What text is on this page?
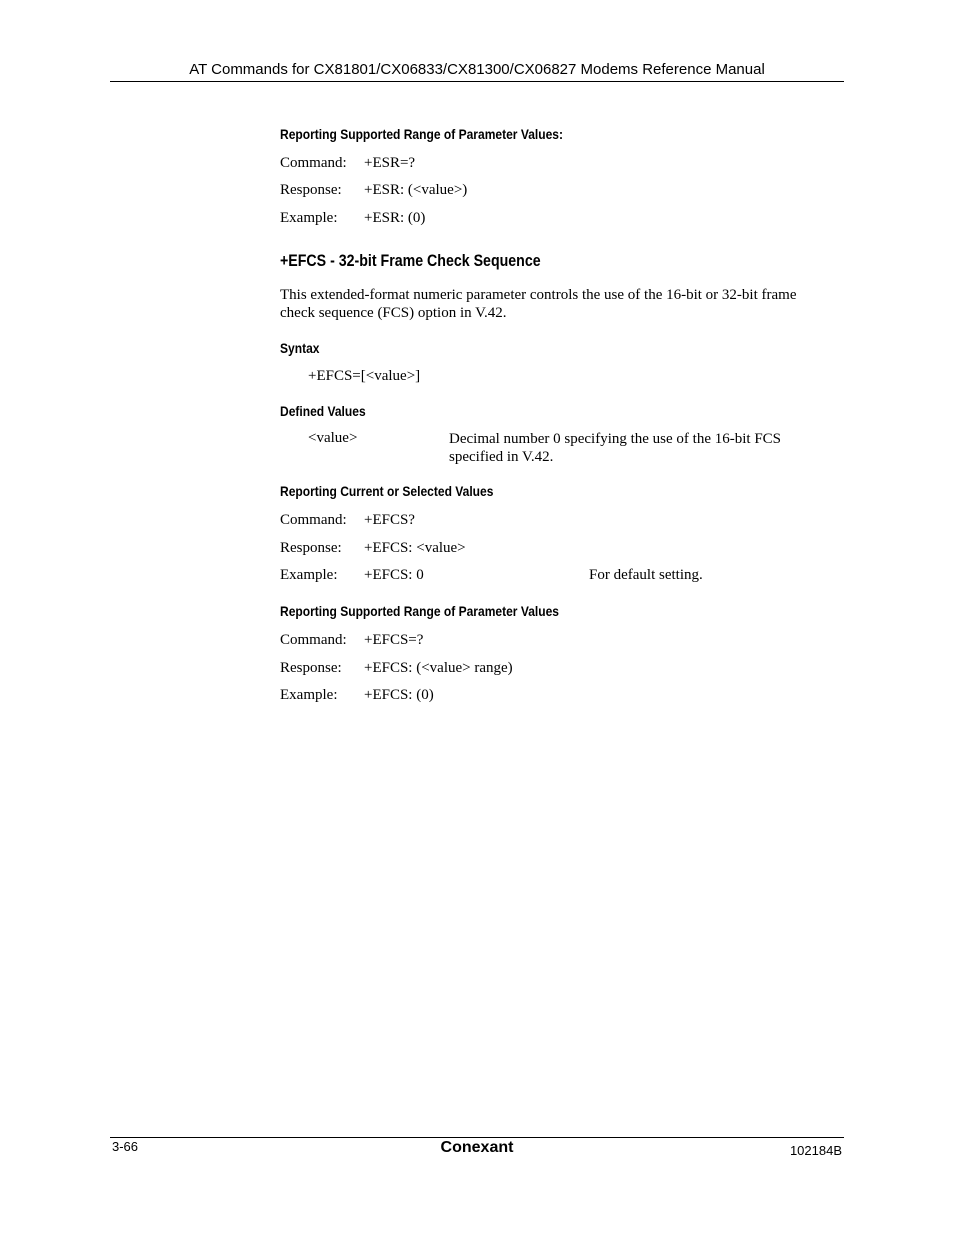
AT Commands for CX81801/CX06833/CX81300/CX06827 Modems Reference Manual
Reporting Supported Range of Parameter Values:
Command: +ESR=?
Response: +ESR: (<value>)
Example: +ESR: (0)
+EFCS - 32-bit Frame Check Sequence
This extended-format numeric parameter controls the use of the 16-bit or 32-bit frame check sequence (FCS) option in V.42.
Syntax
+EFCS=[<value>]
Defined Values
<value>	Decimal number 0 specifying the use of the 16-bit FCS specified in V.42.
Reporting Current or Selected Values
Command: +EFCS?
Response: +EFCS: <value>
Example: +EFCS: 0	For default setting.
Reporting Supported Range of Parameter Values
Command: +EFCS=?
Response: +EFCS: (<value> range)
Example: +EFCS: (0)
3-66	Conexant	102184B
